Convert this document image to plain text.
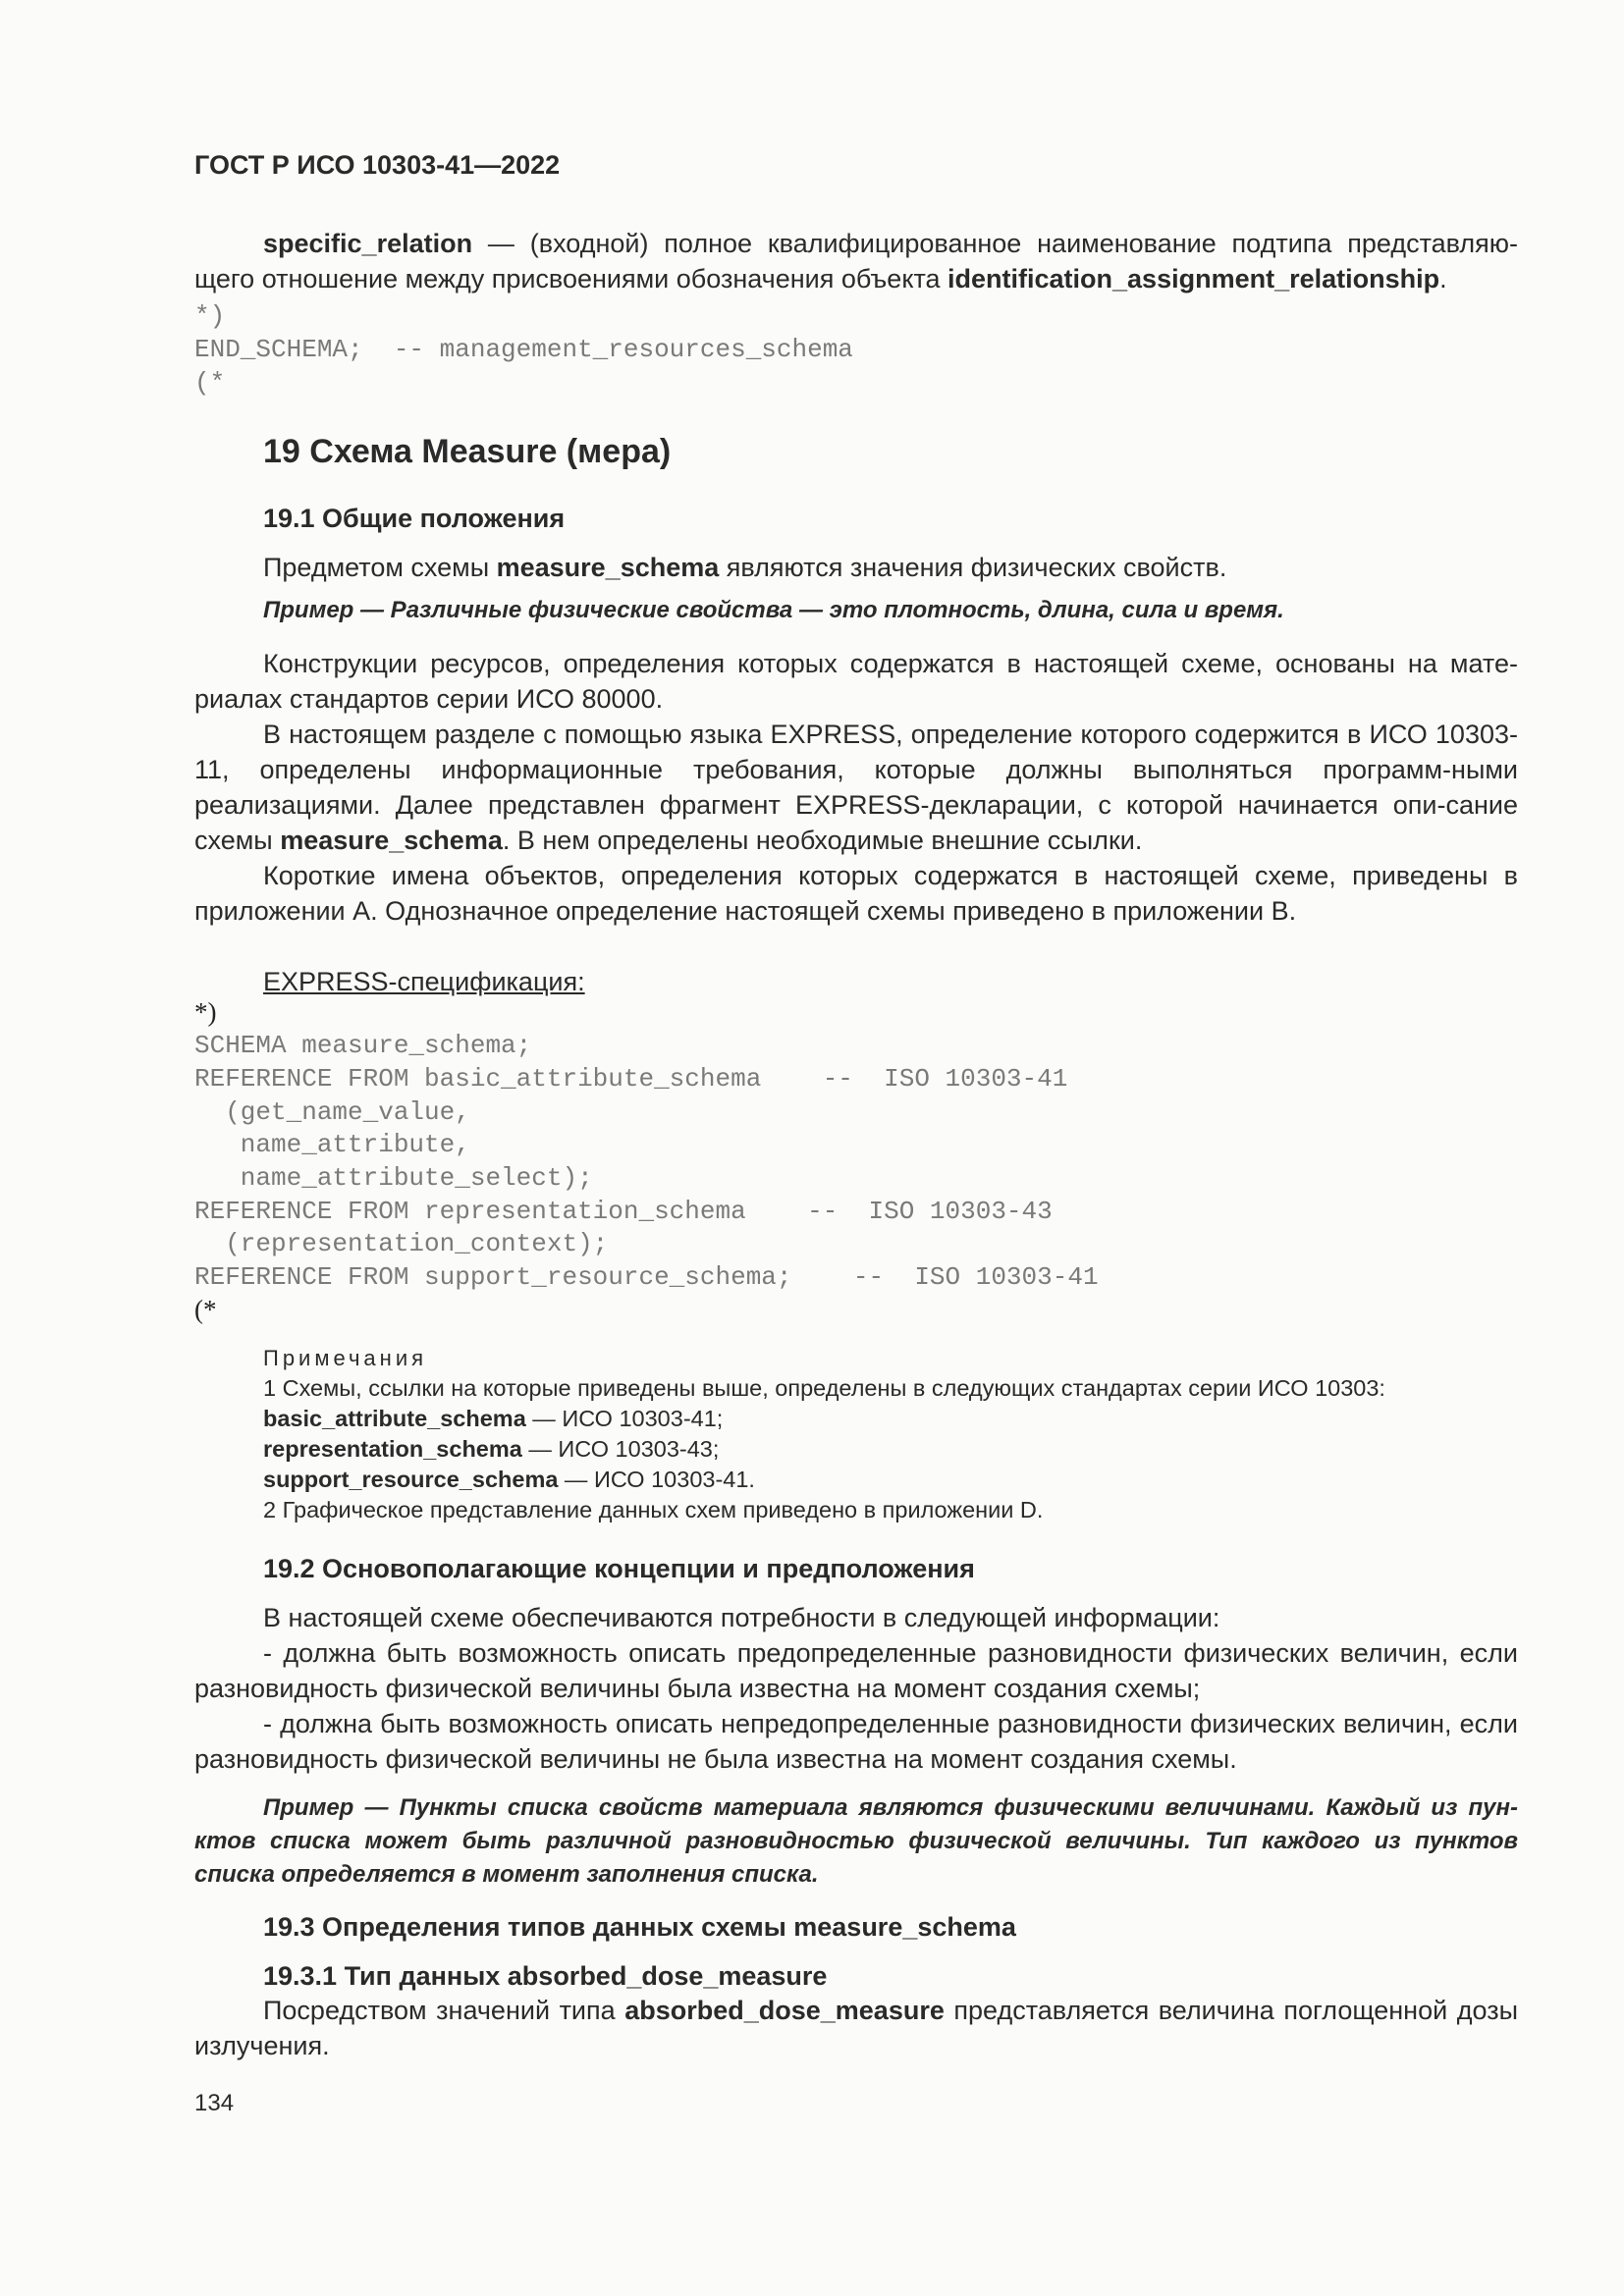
ГОСТ Р ИСО 10303-41—2022

specific_relation — (входной) полное квалифицированное наименование подтипа представляю-щего отношение между присвоениями обозначения объекта identification_assignment_relationship.

*)
END_SCHEMA;  -- management_resources_schema
(*
19 Схема Measure (мера)
19.1 Общие положения

Предметом схемы measure_schema являются значения физических свойств.

Пример — Различные физические свойства — это плотность, длина, сила и время.

Конструкции ресурсов, определения которых содержатся в настоящей схеме, основаны на мате-риалах стандартов серии ИСО 80000.

В настоящем разделе с помощью языка EXPRESS, определение которого содержится в ИСО 10303-11, определены информационные требования, которые должны выполняться программ-ными реализациями. Далее представлен фрагмент EXPRESS-декларации, с которой начинается опи-сание схемы measure_schema. В нем определены необходимые внешние ссылки.

Короткие имена объектов, определения которых содержатся в настоящей схеме, приведены в приложении А. Однозначное определение настоящей схемы приведено в приложении В.

EXPRESS-спецификация:
*)
SCHEMA measure_schema;
REFERENCE FROM basic_attribute_schema    --  ISO 10303-41
(get_name_value,
name_attribute,
name_attribute_select);
REFERENCE FROM representation_schema    --  ISO 10303-43
(representation_context);
REFERENCE FROM support_resource_schema;    --  ISO 10303-41
(*
Примечания
1 Схемы, ссылки на которые приведены выше, определены в следующих стандартах серии ИСО 10303:
basic_attribute_schema — ИСО 10303-41;
representation_schema — ИСО 10303-43;
support_resource_schema — ИСО 10303-41.
2 Графическое представление данных схем приведено в приложении D.
19.2 Основополагающие концепции и предположения

В настоящей схеме обеспечиваются потребности в следующей информации:

- должна быть возможность описать предопределенные разновидности физических величин, если разновидность физической величины была известна на момент создания схемы;

- должна быть возможность описать непредопределенные разновидности физических величин, если разновидность физической величины не была известна на момент создания схемы.

Пример — Пункты списка свойств материала являются физическими величинами. Каждый из пун-ктов списка может быть различной разновидностью физической величины. Тип каждого из пунктов списка определяется в момент заполнения списка.

19.3 Определения типов данных схемы measure_schema
19.3.1 Тип данных absorbed_dose_measure

Посредством значений типа absorbed_dose_measure представляется величина поглощенной дозы излучения.

134
